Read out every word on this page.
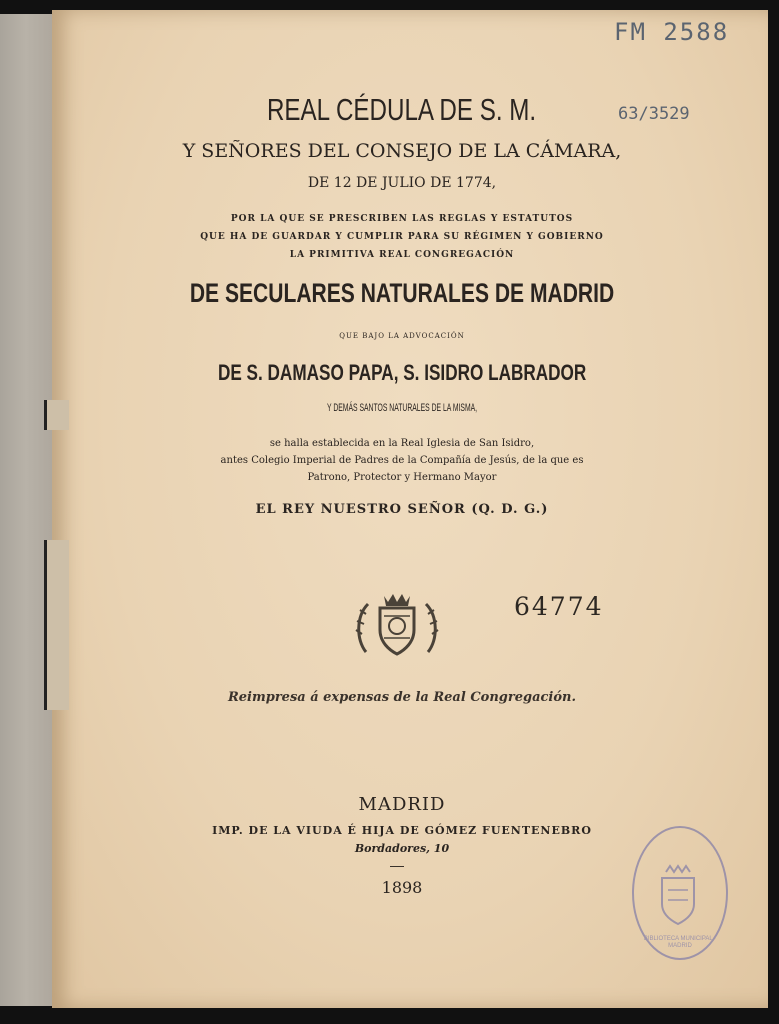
FM 2588
63/3529
REAL CÉDULA DE S. M.
Y SEÑORES DEL CONSEJO DE LA CÁMARA,
DE 12 DE JULIO DE 1774,
POR LA QUE SE PRESCRIBEN LAS REGLAS Y ESTATUTOS
QUE HA DE GUARDAR Y CUMPLIR PARA SU RÉGIMEN Y GOBIERNO
LA PRIMITIVA REAL CONGREGACIÓN
DE SECULARES NATURALES DE MADRID
QUE BAJO LA ADVOCACIÓN
DE S. DAMASO PAPA, S. ISIDRO LABRADOR
Y DEMÁS SANTOS NATURALES DE LA MISMA,
se halla establecida en la Real Iglesia de San Isidro,
antes Colegio Imperial de Padres de la Compañía de Jesús, de la que es
Patrono, Protector y Hermano Mayor
EL REY NUESTRO SEÑOR (Q. D. G.)
64774
Reimpresa á expensas de la Real Congregación.
MADRID
IMP. DE LA VIUDA É HIJA DE GÓMEZ FUENTENEBRO
Bordadores, 10
1898
BIBLIOTECA MUNICIPAL · MADRID
